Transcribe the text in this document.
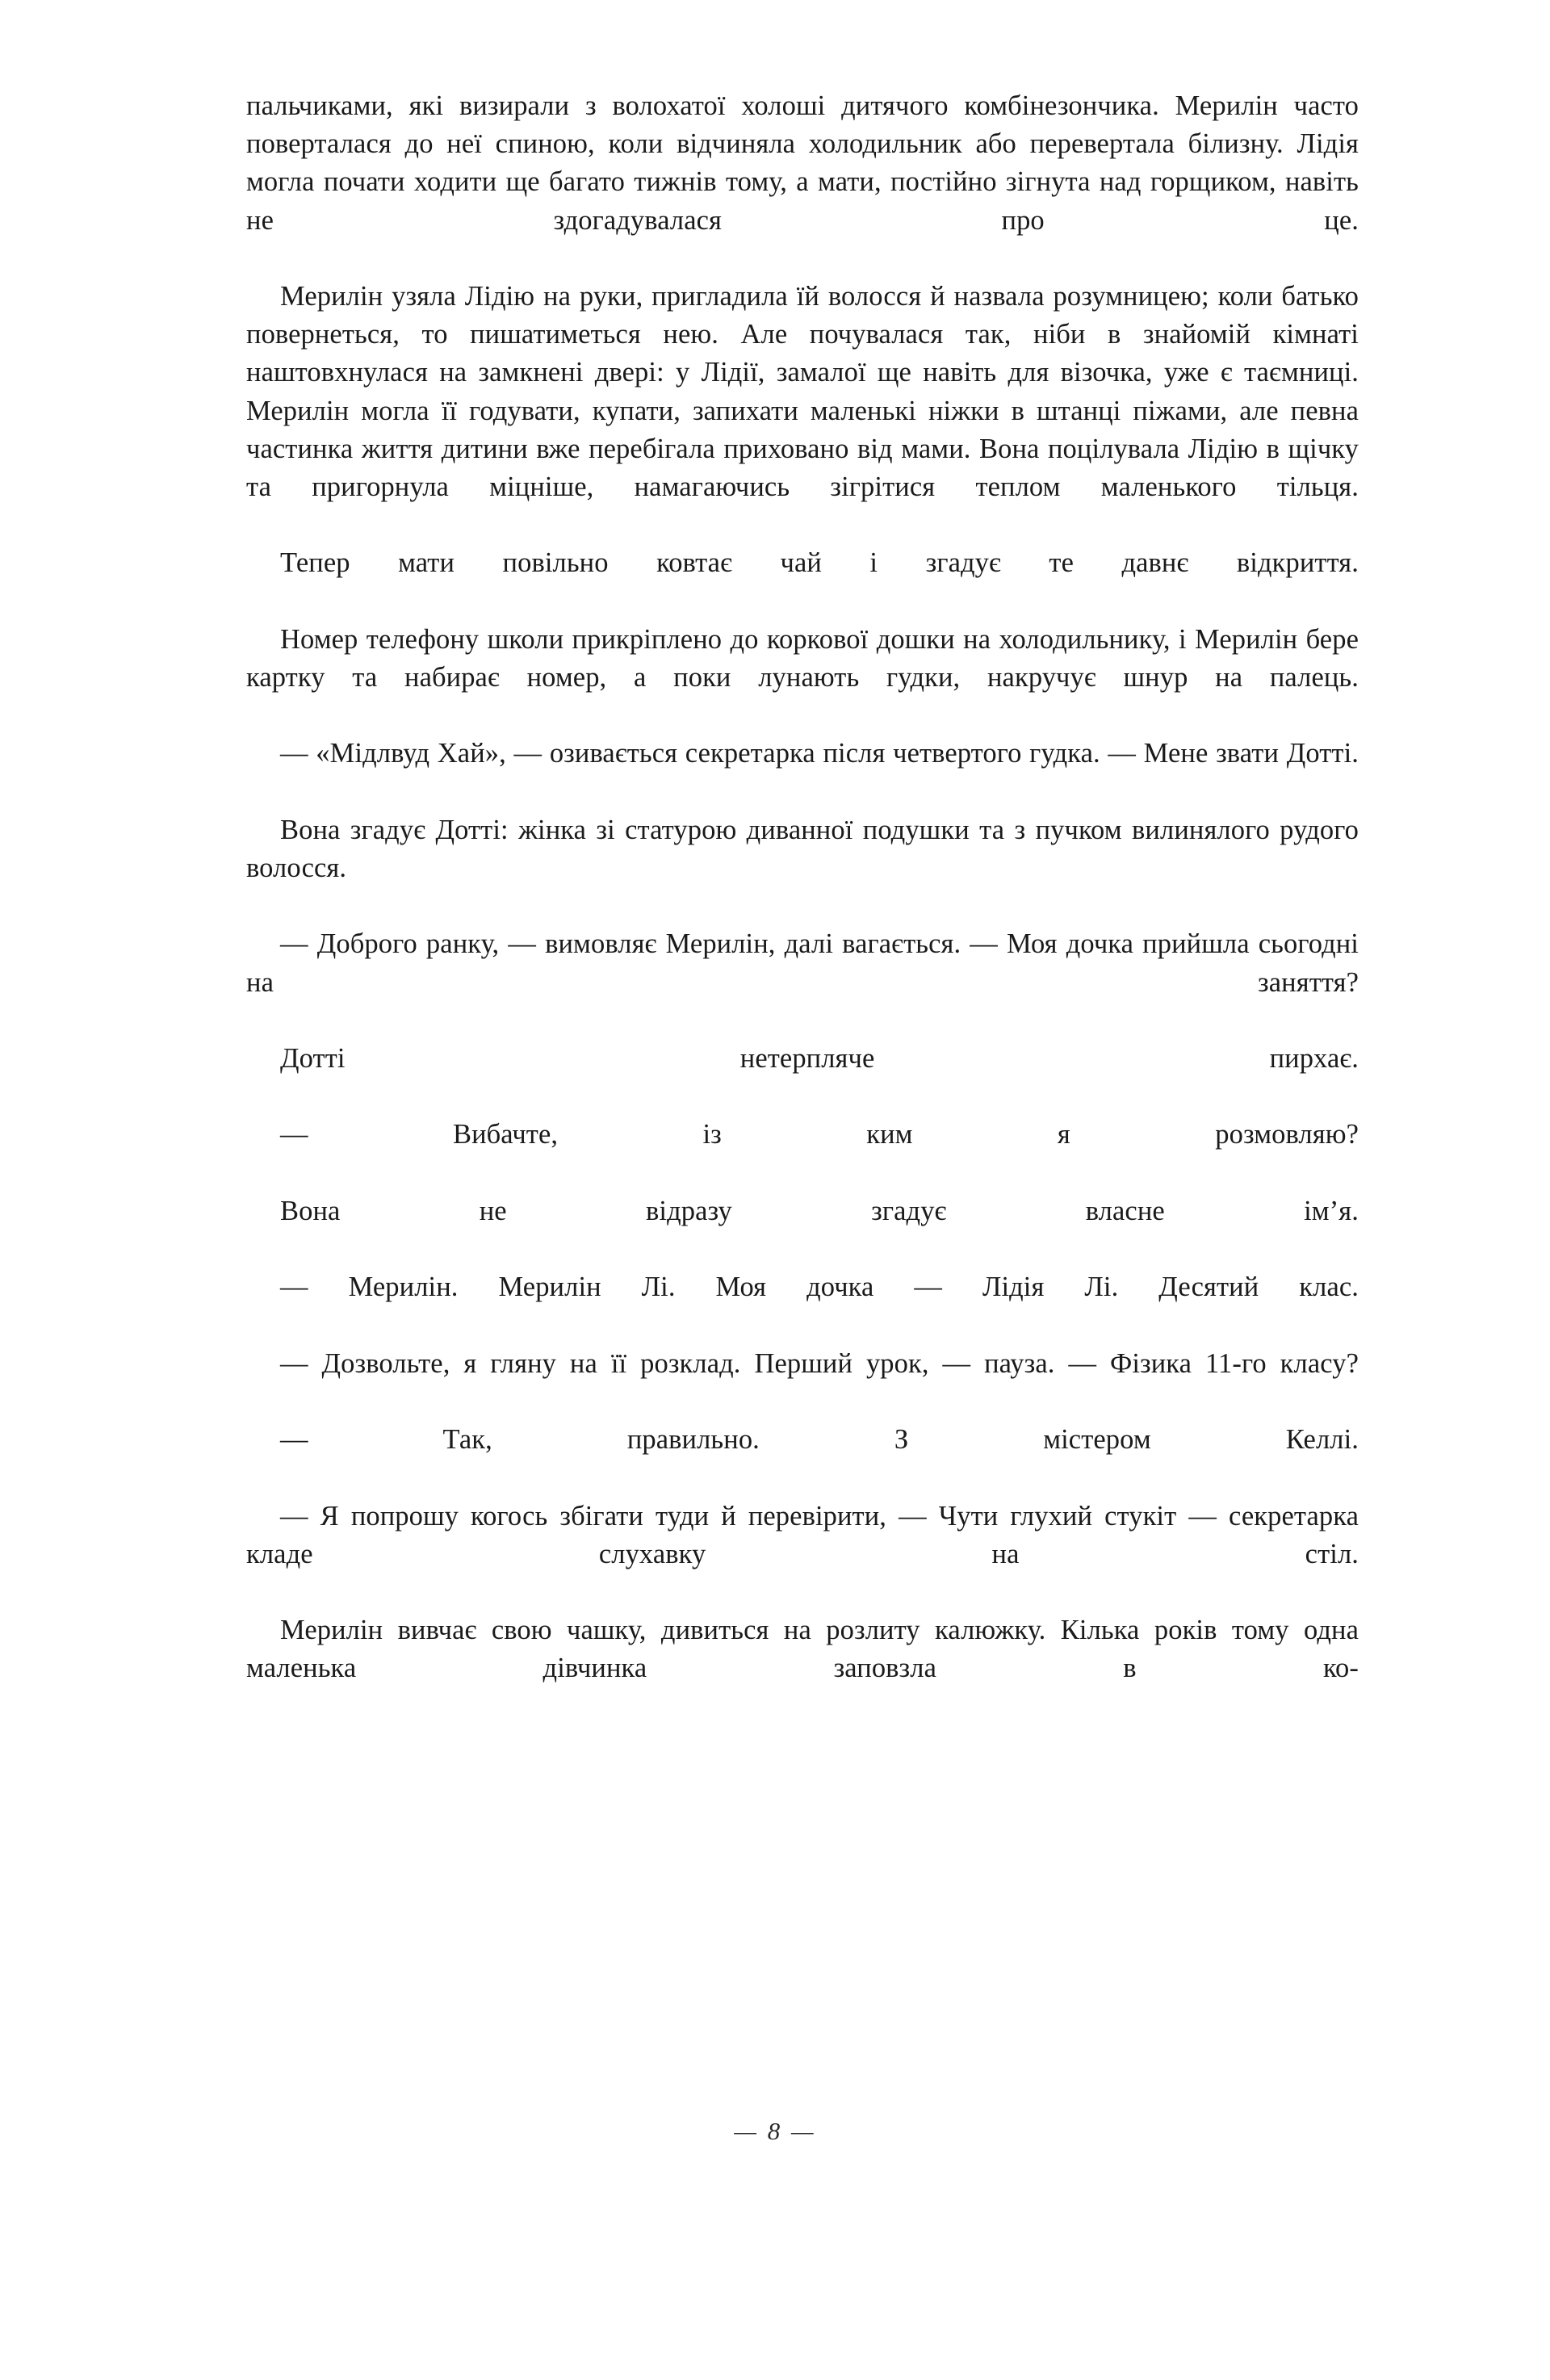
пальчиками, які визирали з волохатої холоші дитячого комбінезончика. Мерилін часто поверталася до неї спиною, коли відчиняла холодильник або перевертала білизну. Лідія могла почати ходити ще багато тижнів тому, а мати, постійно зігнута над горщиком, навіть не здогадувалася про це.

Мерилін узяла Лідію на руки, пригладила їй волосся й назвала розумницею; коли батько повернеться, то пишатиметься нею. Але почувалася так, ніби в знайомій кімнаті наштовхнулася на замкнені двері: у Лідії, замалої ще навіть для візочка, уже є таємниці. Мерилін могла її годувати, купати, запихати маленькі ніжки в штанці піжами, але певна частинка життя дитини вже перебігала приховано від мами. Вона поцілувала Лідію в щічку та пригорнула міцніше, намагаючись зігрітися теплом маленького тільця.

Тепер мати повільно ковтає чай і згадує те давнє відкриття.

Номер телефону школи прикріплено до коркової дошки на холодильнику, і Мерилін бере картку та набирає номер, а поки лунають гудки, накручує шнур на палець.

— «Мідлвуд Хай», — озивається секретарка після четвертого гудка. — Мене звати Дотті.

Вона згадує Дотті: жінка зі статурою диванної подушки та з пучком вилинялого рудого волосся.

— Доброго ранку, — вимовляє Мерилін, далі вагається. — Моя дочка прийшла сьогодні на заняття?

Дотті нетерпляче пирхає.

— Вибачте, із ким я розмовляю?

Вона не відразу згадує власне ім’я.

— Мерилін. Мерилін Лі. Моя дочка — Лідія Лі. Десятий клас.

— Дозвольте, я гляну на її розклад. Перший урок, — пауза. — Фізика 11-го класу?

— Так, правильно. З містером Келлі.

— Я попрошу когось збігати туди й перевірити, — Чути глухий стукіт — секретарка кладе слухавку на стіл.

Мерилін вивчає свою чашку, дивиться на розлиту калюжку. Кілька років тому одна маленька дівчинка заповзла в ко-

— 8 —
